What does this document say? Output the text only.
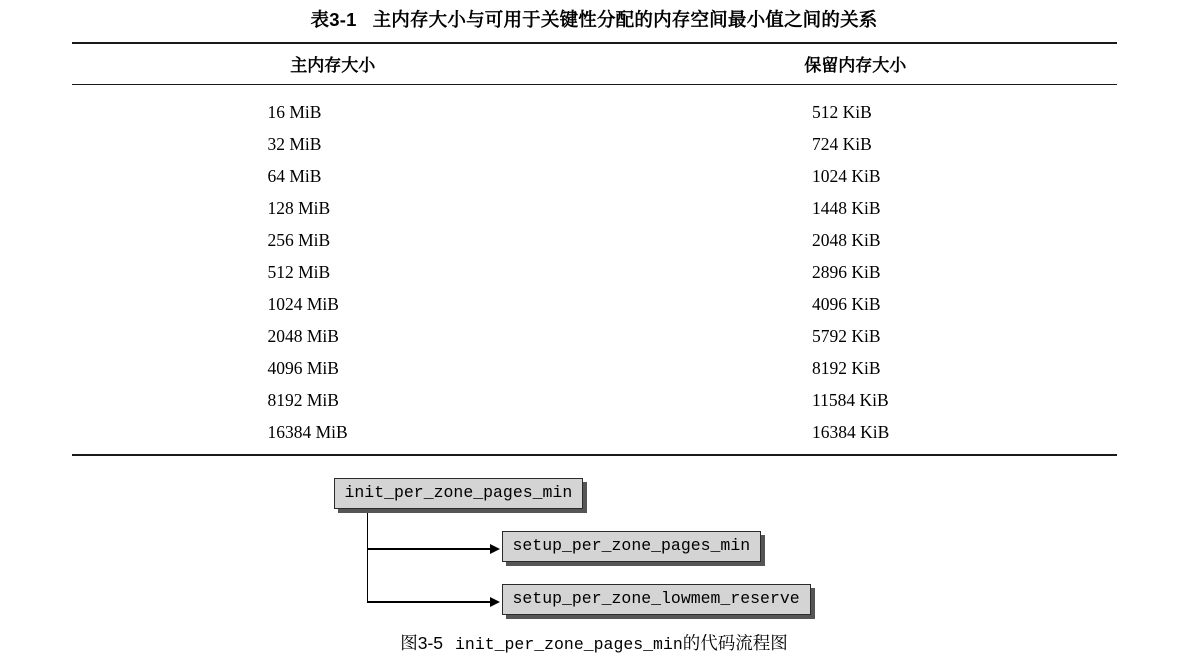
表3-1 主内存大小与可用于关键性分配的内存空间最小值之间的关系
主内存大小	保留内存大小

16 MiB	512 KiB
32 MiB	724 KiB
64 MiB	1024 KiB
128 MiB	1448 KiB
256 MiB	2048 KiB
512 MiB	2896 KiB
1024 MiB	4096 KiB
2048 MiB	5792 KiB
4096 MiB	8192 KiB
8192 MiB	11584 KiB
16384 MiB	16384 KiB
init_per_zone_pages_min
setup_per_zone_pages_min
setup_per_zone_lowmem_reserve
图3-5 init_per_zone_pages_min的代码流程图
